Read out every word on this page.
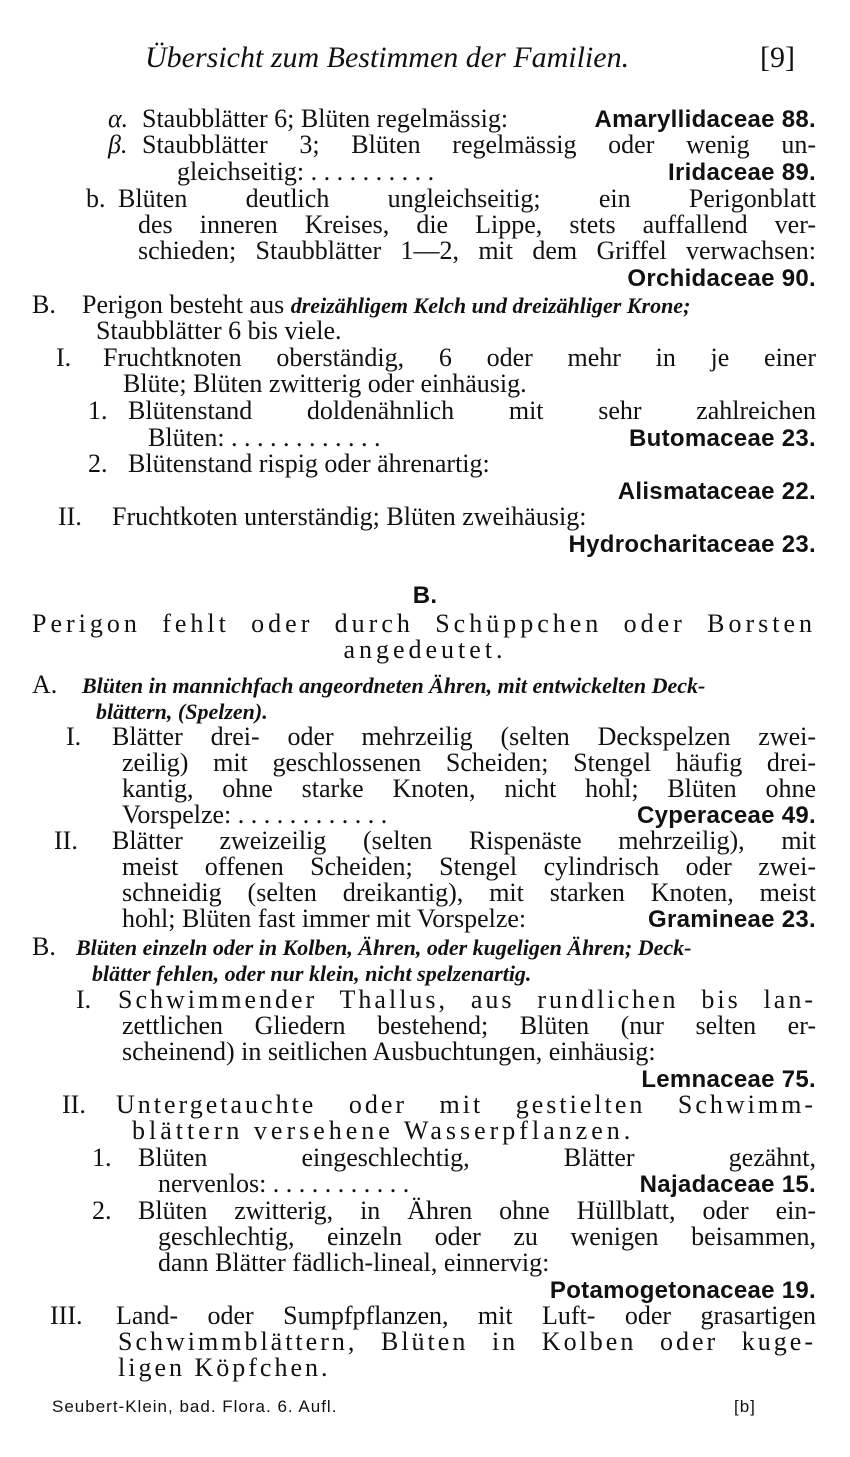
Übersicht zum Bestimmen der Familien.	[9]
α. Staubblätter 6; Blüten regelmässig:	Amaryllidaceae 88.
β. Staubblätter 3; Blüten regelmässig oder wenig un-
gleichseitig: . . . . . . . . . .	Iridaceae 89.
b. Blüten deutlich ungleichseitig; ein Perigonblatt
des inneren Kreises, die Lippe, stets auffallend ver-
schieden; Staubblätter 1—2, mit dem Griffel verwachsen:
Orchidaceae 90.
B. Perigon besteht aus dreizähligem Kelch und dreizähliger Krone;
Staubblätter 6 bis viele.
I. Fruchtknoten oberständig, 6 oder mehr in je einer
Blüte; Blüten zwitterig oder einhäusig.
1. Blütenstand doldenähnlich mit sehr zahlreichen
Blüten: . . . . . . . . . . . .	Butomaceae 23.
2. Blütenstand rispig oder ährenartig:
Alismataceae 22.
II. Fruchtkoten unterständig; Blüten zweihäusig:
Hydrocharitaceae 23.
B.
Perigon fehlt oder durch Schüppchen oder Borsten
angedeutet.
A. Blüten in mannichfach angeordneten Ähren, mit entwickelten Deck-
blättern, (Spelzen).
I. Blätter drei- oder mehrzeilig (selten Deckspelzen zwei-
zeilig) mit geschlossenen Scheiden; Stengel häufig drei-
kantig, ohne starke Knoten, nicht hohl; Blüten ohne
Vorspelze: . . . . . . . . . . . .	Cyperaceae 49.
II. Blätter zweizeilig (selten Rispenäste mehrzeilig), mit
meist offenen Scheiden; Stengel cylindrisch oder zwei-
schneidig (selten dreikantig), mit starken Knoten, meist
hohl; Blüten fast immer mit Vorspelze:	Gramineae 23.
B. Blüten einzeln oder in Kolben, Ähren, oder kugeligen Ähren; Deck-
blätter fehlen, oder nur klein, nicht spelzenartig.
I. Schwimmender Thallus, aus rundlichen bis lan-
zettlichen Gliedern bestehend; Blüten (nur selten er-
scheinend) in seitlichen Ausbuchtungen, einhäusig:
Lemnaceae 75.
II. Untergetauchte oder mit gestielten Schwimm-
blättern versehene Wasserpflanzen.
1. Blüten eingeschlechtig, Blätter gezähnt,
nervenlos: . . . . . . . . . . .	Najadaceae 15.
2. Blüten zwitterig, in Ähren ohne Hüllblatt, oder ein-
geschlechtig, einzeln oder zu wenigen beisammen,
dann Blätter fädlich-lineal, einnervig:
Potamogetonaceae 19.
III. Land- oder Sumpfpflanzen, mit Luft- oder grasartigen
Schwimmblättern, Blüten in Kolben oder kuge-
ligen Köpfchen.
Seubert-Klein, bad. Flora. 6. Aufl.	[b]
